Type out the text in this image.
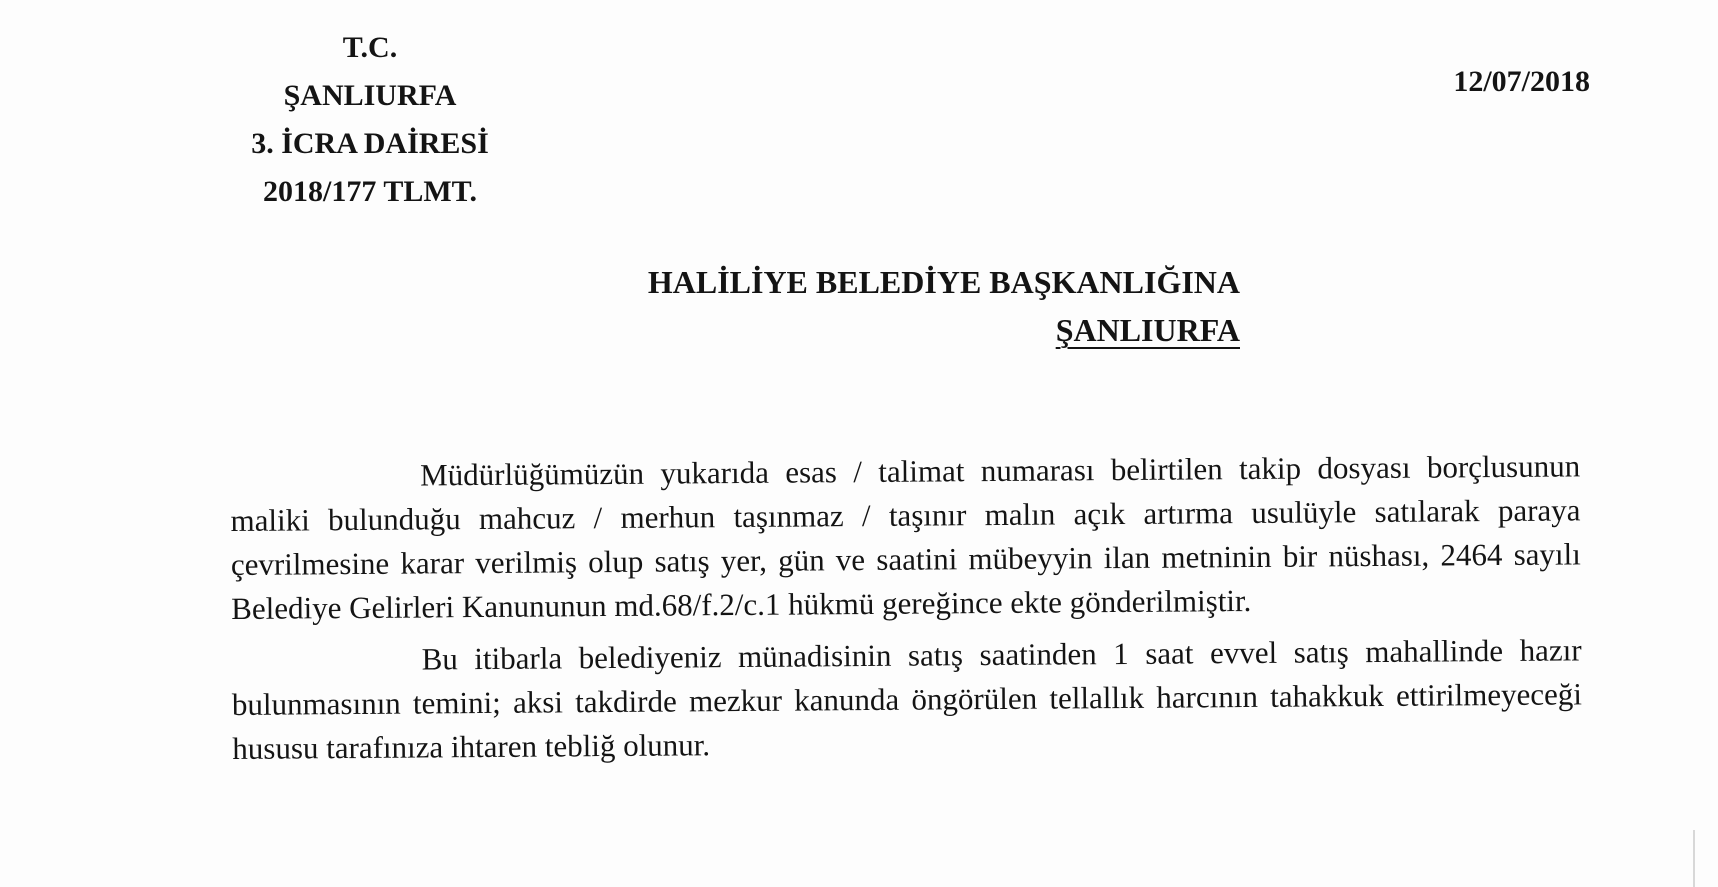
T.C.
ŞANLIURFA
3. İCRA DAİRESİ
2018/177 TLMT.
12/07/2018
HALİLİYE BELEDİYE BAŞKANLIĞINA
ŞANLIURFA

Müdürlüğümüzün yukarıda esas / talimat numarası belirtilen takip dosyası borçlusunun maliki bulunduğu mahcuz / merhun taşınmaz / taşınır malın açık artırma usulüyle satılarak paraya çevrilmesine karar verilmiş olup satış yer, gün ve saatini mübeyyin ilan metninin bir nüshası, 2464 sayılı Belediye Gelirleri Kanununun md.68/f.2/c.1 hükmü gereğince ekte gönderilmiştir.

Bu itibarla belediyeniz münadisinin satış saatinden 1 saat evvel satış mahallinde hazır bulunmasının temini; aksi takdirde mezkur kanunda öngörülen tellallık harcının tahakkuk ettirilmeyeceği hususu tarafınıza ihtaren tebliğ olunur.
